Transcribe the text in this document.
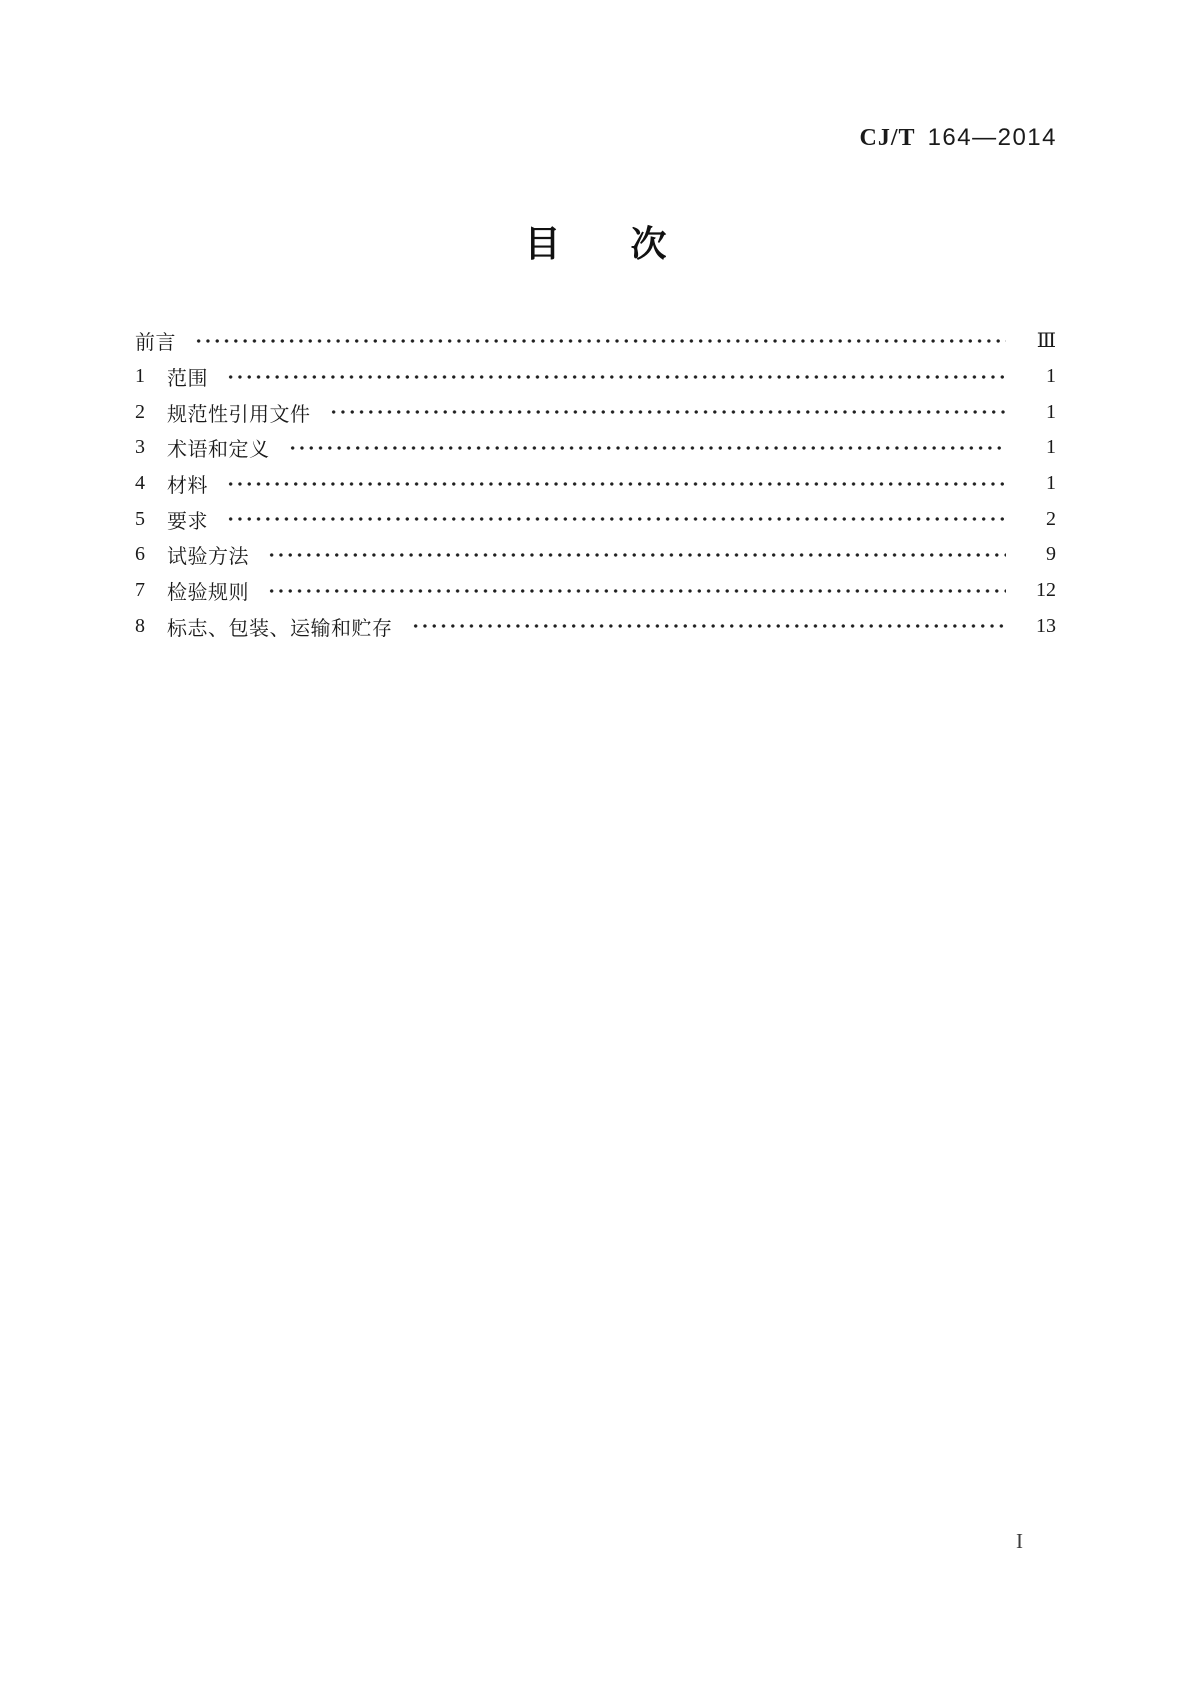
CJ/T 164—2014
目 次
前言	Ⅲ
1	范围	1
2	规范性引用文件	1
3	术语和定义	1
4	材料	1
5	要求	2
6	试验方法	9
7	检验规则	12
8	标志、包装、运输和贮存	13
I
